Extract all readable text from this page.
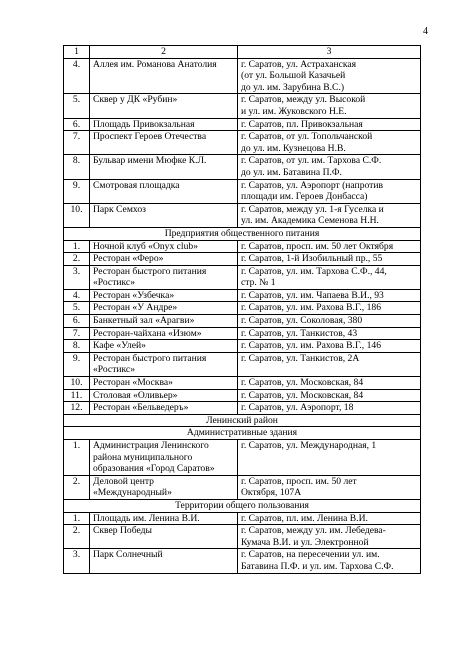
4
1	2	3
4.	Аллея им. Романова Анатолия	г. Саратов, ул. Астраханская
(от ул. Большой Казачьей
до ул. им. Зарубина В.С.)

5.	Сквер у ДК «Рубин»	г. Саратов, между ул. Высокой
и ул. им. Жуковского Н.Е.

6.	Площадь Привокзальная	г. Саратов, пл. Привокзальная

7.	Проспект Героев Отечества	г. Саратов, от ул. Топольчанской
до ул. им. Кузнецова Н.В.

8.	Бульвар имени Мюфке К.Л.	г. Саратов, от ул. им. Тархова С.Ф.
до ул. им. Батавина П.Ф.

9.	Смотровая площадка	г. Саратов, ул. Аэропорт (напротив
площади им. Героев Донбасса)

10.	Парк Семхоз	г. Саратов, между ул. 1-я Гуселка и
ул. им. Академика Семенова Н.Н.

Предприятия общественного питания		
1.	Ночной клуб «Onyx club»	г. Саратов, просп. им. 50 лет Октября

2.	Ресторан «Феро»	г. Саратов, 1-й Изобильный пр., 55

3.	Ресторан быстрого питания «Ростикс»	г. Саратов, ул. им. Тархова С.Ф., 44,
стр. № 1

4.	Ресторан «Узбечка»	г. Саратов, ул. им. Чапаева В.И., 93

5.	Ресторан «У Андре»	г. Саратов, ул. им. Рахова В.Г., 186

6.	Банкетный зал «Арагви»	г. Саратов, ул. Соколовая, 380

7.	Ресторан-чайхана «Изюм»	г. Саратов, ул. Танкистов, 43

8.	Кафе «Улей»	г. Саратов, ул. им. Рахова В.Г., 146

9.	Ресторан быстрого питания «Ростикс»	г. Саратов, ул. Танкистов, 2А

10.	Ресторан «Москва»	г. Саратов, ул. Московская, 84

11.	Столовая «Оливьер»	г. Саратов, ул. Московская, 84

12.	Ресторан «Бельведеръ»	г. Саратов, ул. Аэропорт, 18

Ленинский район		
Административные здания		
1.	Администрация Ленинского района муниципального образования «Город Саратов»	г. Саратов, ул. Международная, 1

2.	Деловой центр «Международный»	г. Саратов, просп. им. 50 лет
Октября, 107А

Территории общего пользования		
1.	Площадь им. Ленина В.И.	г. Саратов, пл. им. Ленина В.И.

2.	Сквер Победы	г. Саратов, между ул. им. Лебедева-
Кумача В.И. и ул. Электронной

3.	Парк Солнечный	г. Саратов, на пересечении ул. им.
Батавина П.Ф. и ул. им. Тархова С.Ф.
